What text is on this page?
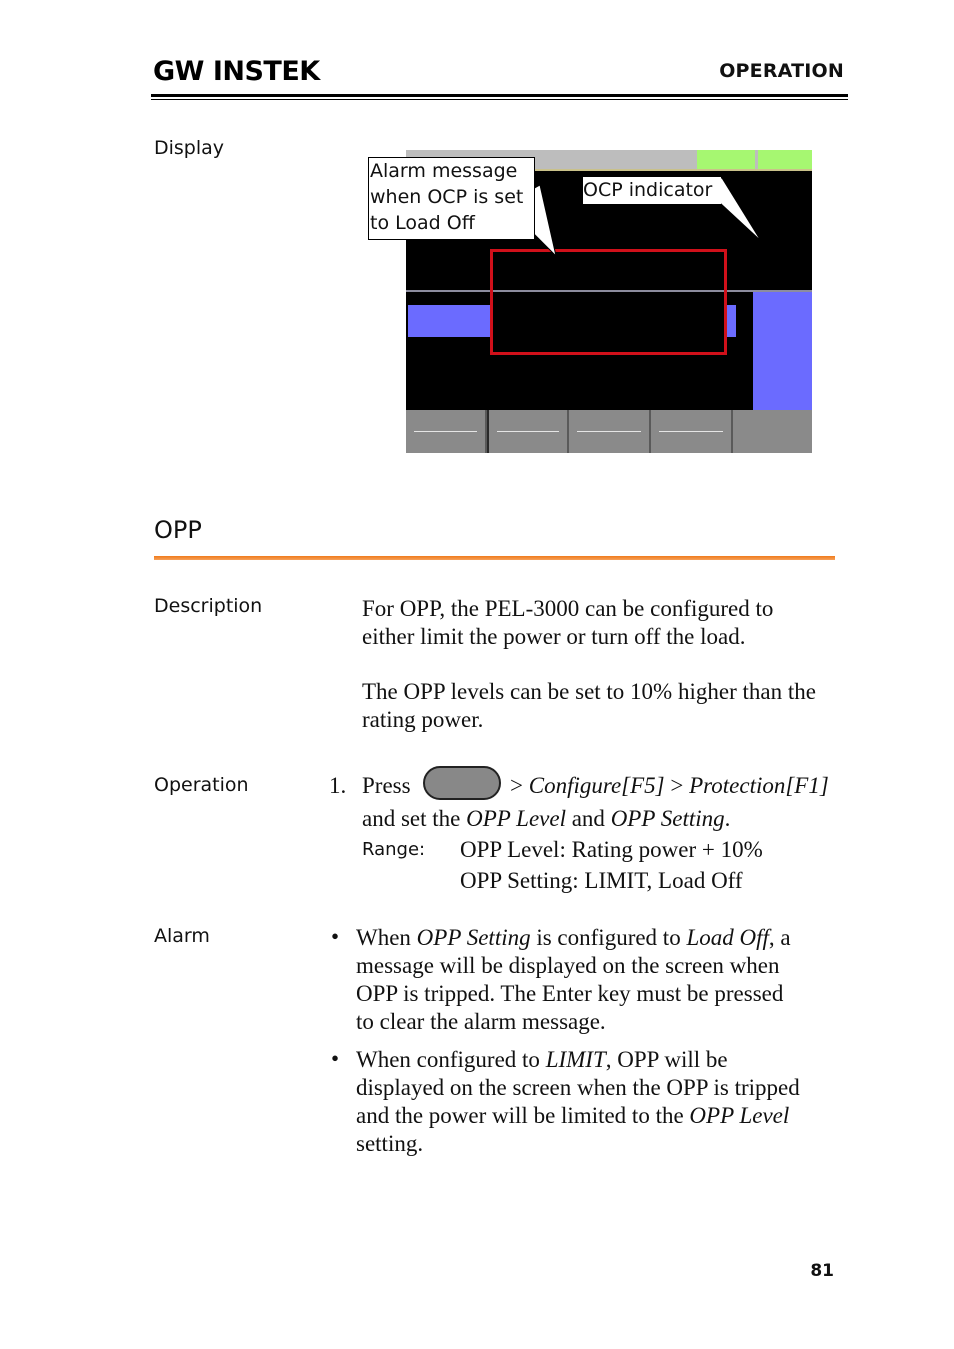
GW INSTEK	OPERATION
Display
Alarm message when OCP is set to Load Off
OCP indicator
OPP
Description	For OPP, the PEL-3000 can be configured to either limit the power or turn off the load.
The OPP levels can be set to 10% higher than the rating power.
Operation	1. Press	> Configure[F5] > Protection[F1]
and set the OPP Level and OPP Setting.
Range: OPP Level: Rating power + 10%
OPP Setting: LIMIT, Load Off
Alarm	• When OPP Setting is configured to Load Off, a
message will be displayed on the screen when
OPP is tripped. The Enter key must be pressed
to clear the alarm message.
• When configured to LIMIT, OPP will be
displayed on the screen when the OPP is tripped
and the power will be limited to the OPP Level
setting.
81
